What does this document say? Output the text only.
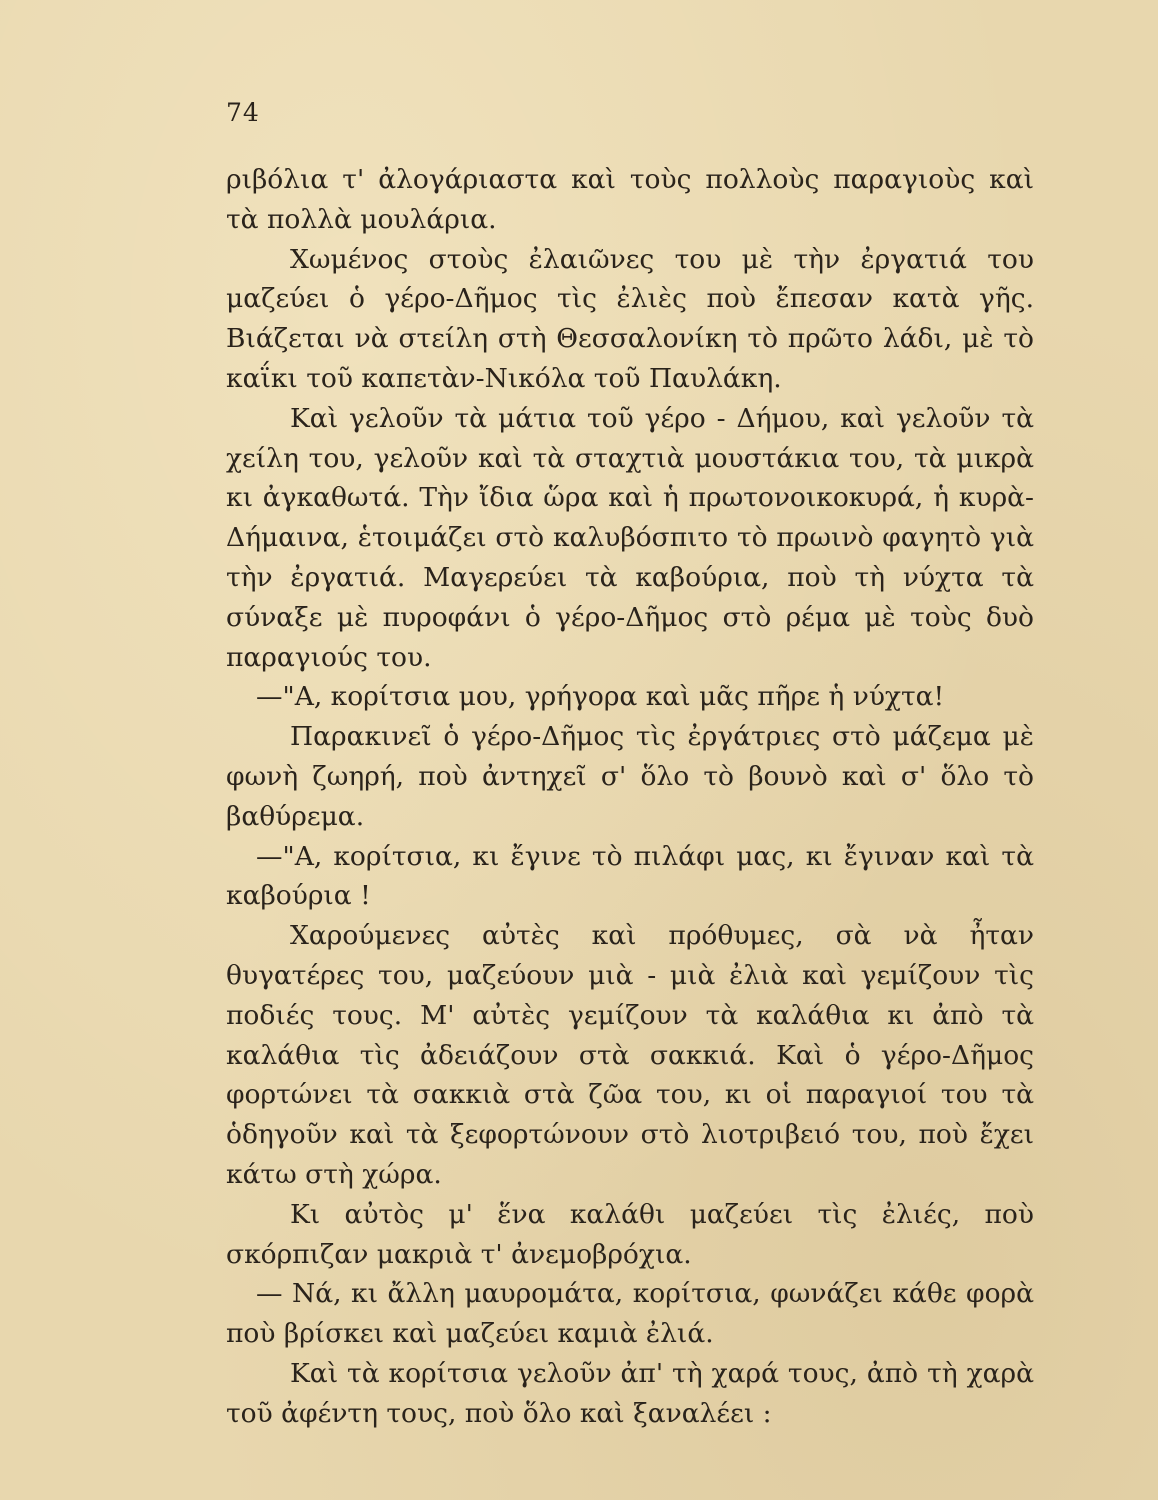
74

ριβόλια τ' ἀλογάριαστα καὶ τοὺς πολλοὺς παραγιοὺς καὶ τὰ πολλὰ μουλάρια.

Χωμένος στοὺς ἐλαιῶνες του μὲ τὴν ἐργατιά του μαζεύει ὁ γέρο-Δῆμος τὶς ἐλιὲς ποὺ ἔπεσαν κατὰ γῆς. Βιάζεται νὰ στείλη στὴ Θεσσαλονίκη τὸ πρῶτο λάδι, μὲ τὸ καΐκι τοῦ καπετὰν-Νικόλα τοῦ Παυλάκη.

Καὶ γελοῦν τὰ μάτια τοῦ γέρο - Δήμου, καὶ γελοῦν τὰ χείλη του, γελοῦν καὶ τὰ σταχτιὰ μουστάκια του, τὰ μικρὰ κι ἀγκαθωτά. Τὴν ἴδια ὥρα καὶ ἡ πρωτονοικοκυρά, ἡ κυρὰ-Δήμαινα, ἑτοιμάζει στὸ καλυβόσπιτο τὸ πρωινὸ φαγητὸ γιὰ τὴν ἐργατιά. Μαγερεύει τὰ καβούρια, ποὺ τὴ νύχτα τὰ σύναξε μὲ πυροφάνι ὁ γέρο-Δῆμος στὸ ρέμα μὲ τοὺς δυὸ παραγιούς του.

—"Α, κορίτσια μου, γρήγορα καὶ μᾶς πῆρε ἡ νύχτα!

Παρακινεῖ ὁ γέρο-Δῆμος τὶς ἐργάτριες στὸ μάζεμα μὲ φωνὴ ζωηρή, ποὺ ἀντηχεῖ σ' ὅλο τὸ βουνὸ καὶ σ' ὅλο τὸ βαθύρεμα.

—"Α, κορίτσια, κι ἔγινε τὸ πιλάφι μας, κι ἔγιναν καὶ τὰ καβούρια !

Χαρούμενες αὐτὲς καὶ πρόθυμες, σὰ νὰ ἦταν θυγατέρες του, μαζεύουν μιὰ - μιὰ ἐλιὰ καὶ γεμίζουν τὶς ποδιές τους. Μ' αὐτὲς γεμίζουν τὰ καλάθια κι ἀπὸ τὰ καλάθια τὶς ἀδειάζουν στὰ σακκιά. Καὶ ὁ γέρο-Δῆμος φορτώνει τὰ σακκιὰ στὰ ζῶα του, κι οἱ παραγιοί του τὰ ὁδηγοῦν καὶ τὰ ξεφορτώνουν στὸ λιοτριβειό του, ποὺ ἔχει κάτω στὴ χώρα.

Κι αὐτὸς μ' ἕνα καλάθι μαζεύει τὶς ἐλιές, ποὺ σκόρπιζαν μακριὰ τ' ἀνεμοβρόχια.

— Νά, κι ἄλλη μαυρομάτα, κορίτσια, φωνάζει κάθε φορὰ ποὺ βρίσκει καὶ μαζεύει καμιὰ ἐλιά.

Καὶ τὰ κορίτσια γελοῦν ἀπ' τὴ χαρά τους, ἀπὸ τὴ χαρὰ τοῦ ἀφέντη τους, ποὺ ὅλο καὶ ξαναλέει :
